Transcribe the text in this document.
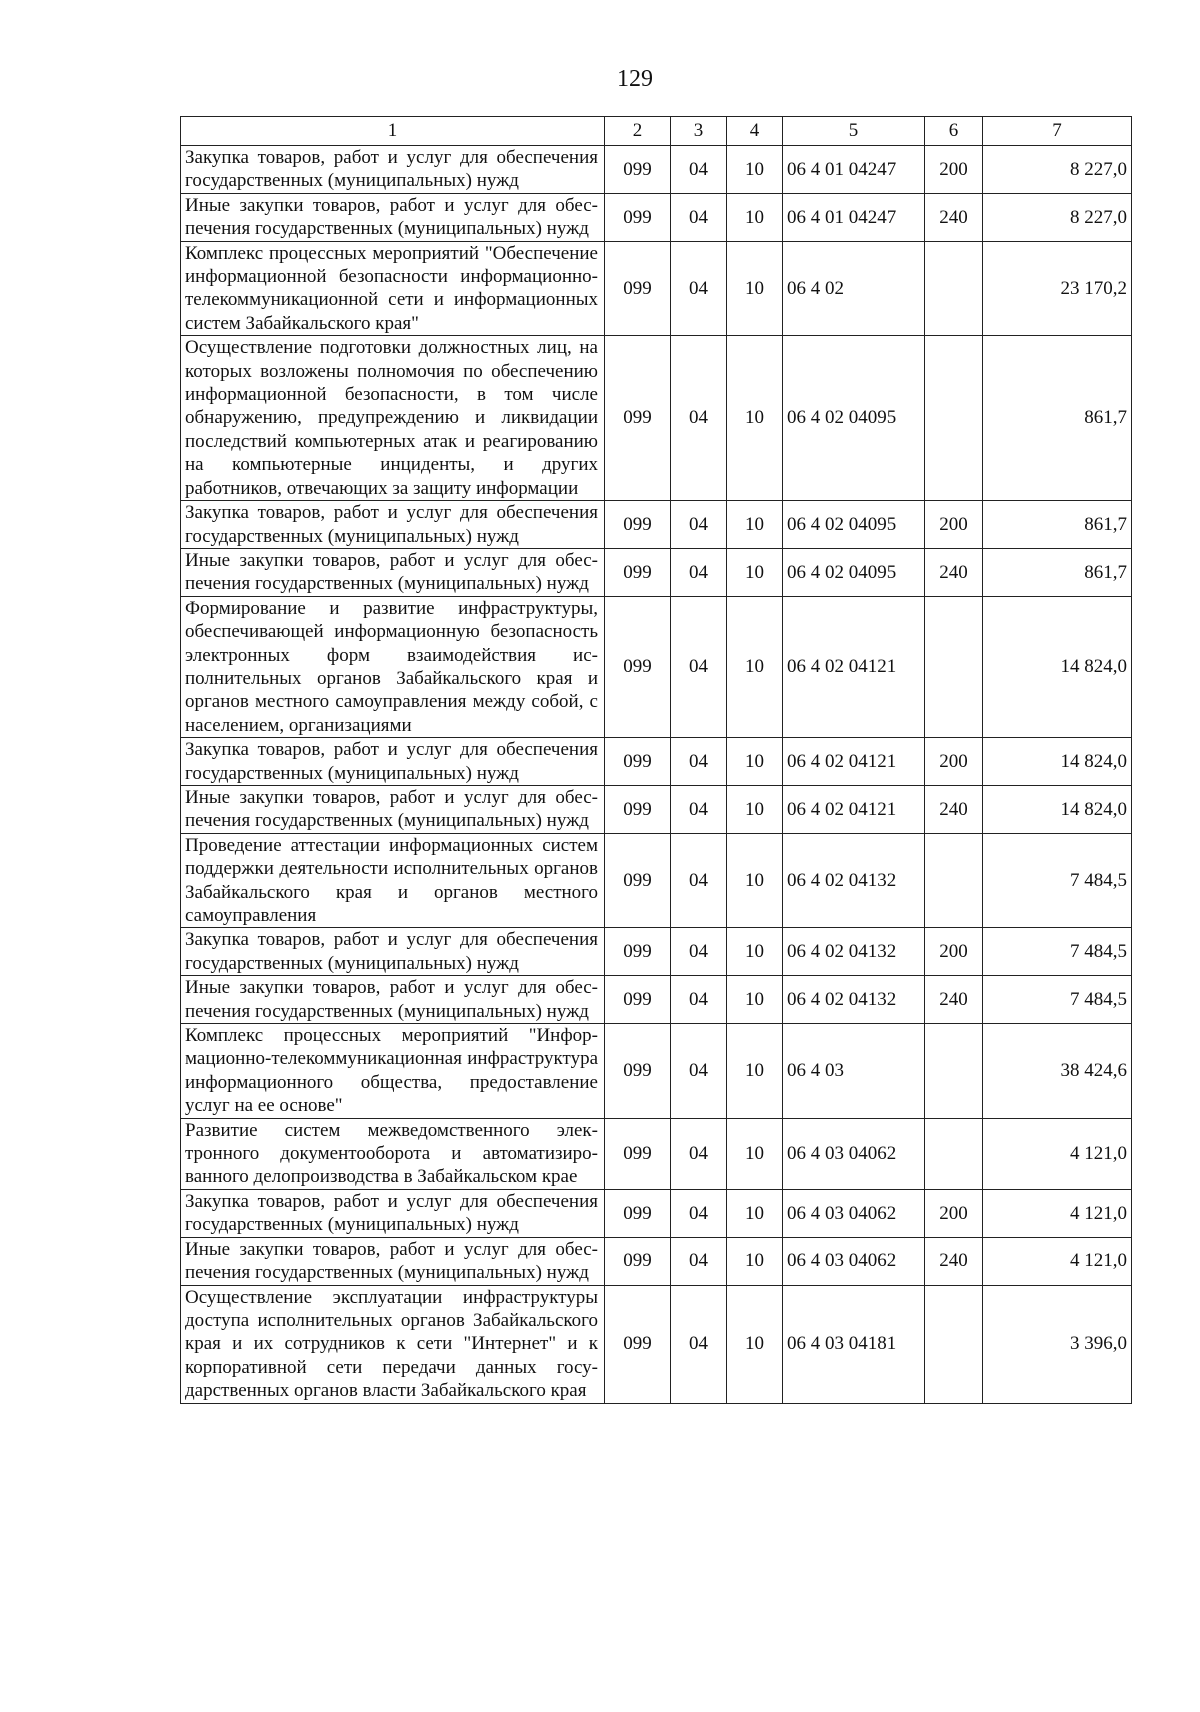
129
1	2	3	4	5	6	7
Закупка товаров, работ и услуг для обеспечения государственных (муниципальных) нужд	099	04	10	06 4 01 04247	200	8 227,0
Иные закупки товаров, работ и услуг для обеспечения государственных (муниципальных) нужд	099	04	10	06 4 01 04247	240	8 227,0
Комплекс процессных мероприятий "Обеспечение информационной безопасности информационно-телекоммуникационной сети и информационных систем Забайкальского края"	099	04	10	06 4 02		23 170,2
Осуществление подготовки должностных лиц, на которых возложены полномочия по обеспечению информационной безопасности, в том числе обнаружению, предупреждению и ликвидации последствий компьютерных атак и реагированию на компьютерные инциденты, и других работников, отвечающих за защиту информации	099	04	10	06 4 02 04095		861,7
Закупка товаров, работ и услуг для обеспечения государственных (муниципальных) нужд	099	04	10	06 4 02 04095	200	861,7
Иные закупки товаров, работ и услуг для обеспечения государственных (муниципальных) нужд	099	04	10	06 4 02 04095	240	861,7
Формирование и развитие инфраструктуры, обеспечивающей информационную безопасность электронных форм взаимодействия исполнительных органов Забайкальского края и органов местного самоуправления между собой, с населением, организациями	099	04	10	06 4 02 04121		14 824,0
Закупка товаров, работ и услуг для обеспечения государственных (муниципальных) нужд	099	04	10	06 4 02 04121	200	14 824,0
Иные закупки товаров, работ и услуг для обеспечения государственных (муниципальных) нужд	099	04	10	06 4 02 04121	240	14 824,0
Проведение аттестации информационных систем поддержки деятельности исполнительных органов Забайкальского края и органов местного самоуправления	099	04	10	06 4 02 04132		7 484,5
Закупка товаров, работ и услуг для обеспечения государственных (муниципальных) нужд	099	04	10	06 4 02 04132	200	7 484,5
Иные закупки товаров, работ и услуг для обеспечения государственных (муниципальных) нужд	099	04	10	06 4 02 04132	240	7 484,5
Комплекс процессных мероприятий "Информационно-телекоммуникационная инфраструктура информационного общества, предоставление услуг на ее основе"	099	04	10	06 4 03		38 424,6
Развитие систем межведомственного электронного документооборота и автоматизированного делопроизводства в Забайкальском крае	099	04	10	06 4 03 04062		4 121,0
Закупка товаров, работ и услуг для обеспечения государственных (муниципальных) нужд	099	04	10	06 4 03 04062	200	4 121,0
Иные закупки товаров, работ и услуг для обеспечения государственных (муниципальных) нужд	099	04	10	06 4 03 04062	240	4 121,0
Осуществление эксплуатации инфраструктуры доступа исполнительных органов Забайкальского края и их сотрудников к сети "Интернет" и к корпоративной сети передачи данных государственных органов власти Забайкальского края	099	04	10	06 4 03 04181		3 396,0
